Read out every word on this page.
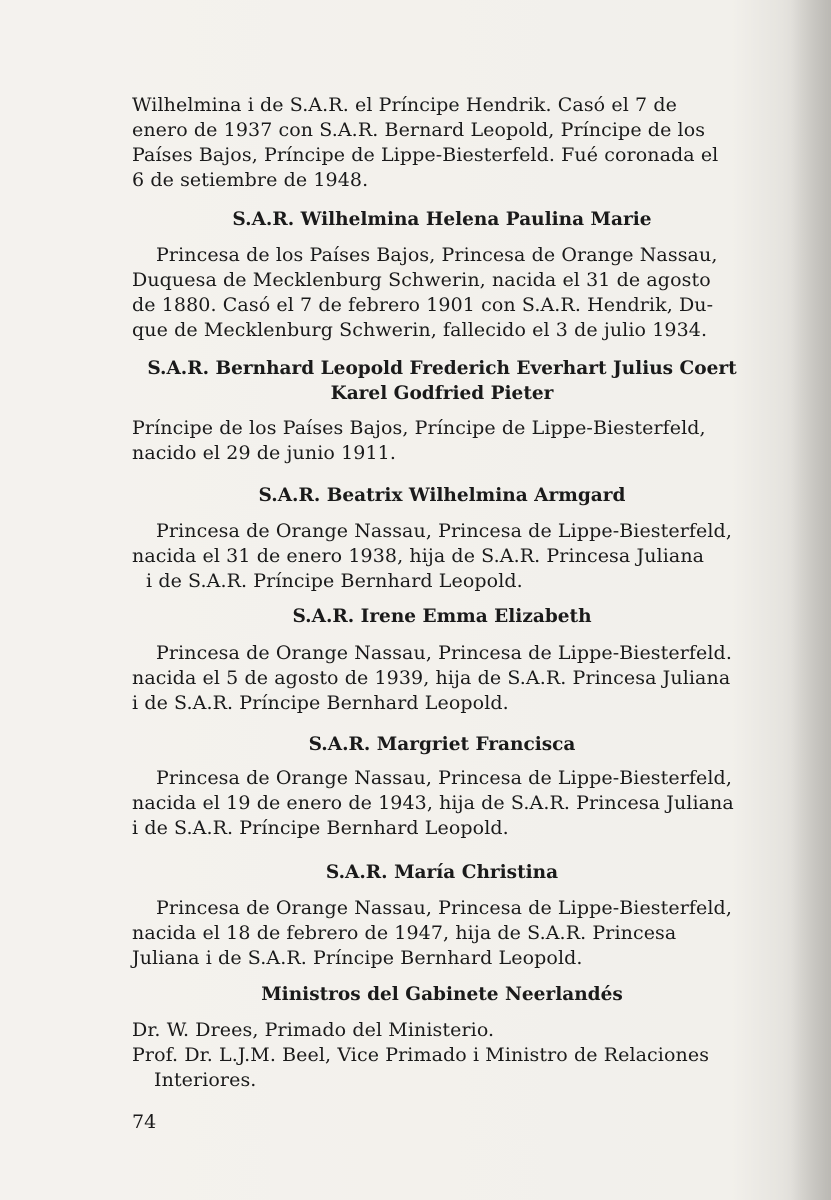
Wilhelmina i de S.A.R. el Príncipe Hendrik. Casó el 7 de
enero de 1937 con S.A.R. Bernard Leopold, Príncipe de los
Países Bajos, Príncipe de Lippe-Biesterfeld. Fué coronada el
6 de setiembre de 1948.
S.A.R. Wilhelmina Helena Paulina Marie
Princesa de los Países Bajos, Princesa de Orange Nassau,
Duquesa de Mecklenburg Schwerin, nacida el 31 de agosto
de 1880. Casó el 7 de febrero 1901 con S.A.R. Hendrik, Du-
que de Mecklenburg Schwerin, fallecido el 3 de julio 1934.
S.A.R. Bernhard Leopold Frederich Everhart Julius Coert
Karel Godfried Pieter
Príncipe de los Países Bajos, Príncipe de Lippe-Biesterfeld,
nacido el 29 de junio 1911.
S.A.R. Beatrix Wilhelmina Armgard
Princesa de Orange Nassau, Princesa de Lippe-Biesterfeld,
nacida el 31 de enero 1938, hija de S.A.R. Princesa Juliana
i de S.A.R. Príncipe Bernhard Leopold.
S.A.R. Irene Emma Elizabeth
Princesa de Orange Nassau, Princesa de Lippe-Biesterfeld.
nacida el 5 de agosto de 1939, hija de S.A.R. Princesa Juliana
i de S.A.R. Príncipe Bernhard Leopold.
S.A.R. Margriet Francisca
Princesa de Orange Nassau, Princesa de Lippe-Biesterfeld,
nacida el 19 de enero de 1943, hija de S.A.R. Princesa Juliana
i de S.A.R. Príncipe Bernhard Leopold.
S.A.R. María Christina
Princesa de Orange Nassau, Princesa de Lippe-Biesterfeld,
nacida el 18 de febrero de 1947, hija de S.A.R. Princesa
Juliana i de S.A.R. Príncipe Bernhard Leopold.
Ministros del Gabinete Neerlandés
Dr. W. Drees, Primado del Ministerio.
Prof. Dr. L.J.M. Beel, Vice Primado i Ministro de Relaciones
Interiores.
74
